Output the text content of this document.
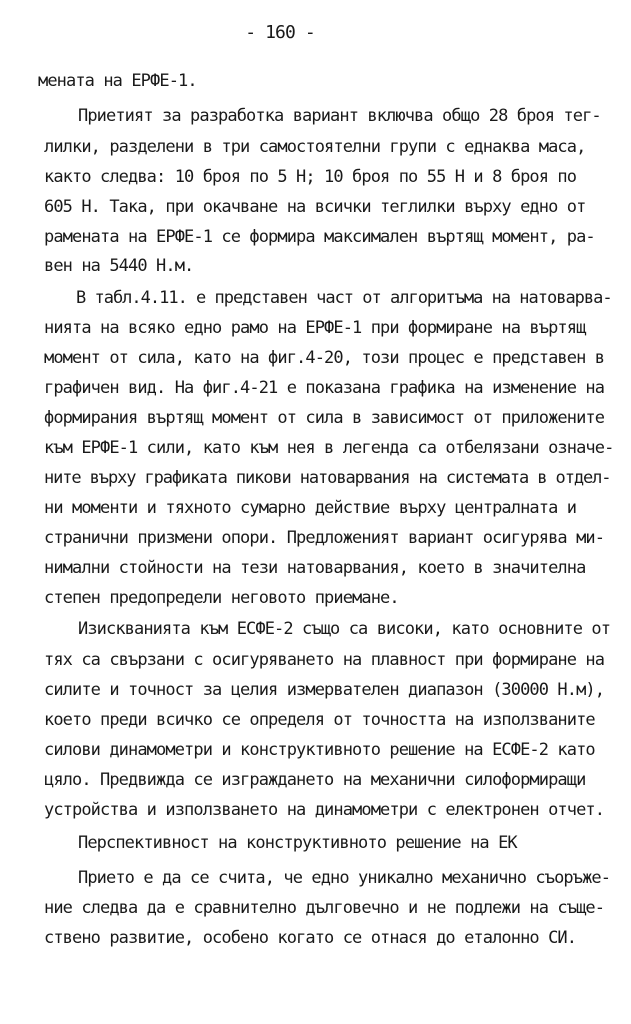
- 160 -
менатa на ЕРФЕ-1.
Приетият за разработка вариант включва общо 28 броя тег-
лилки, разделени в три самостоятелни групи с еднаква маса,
както следва: 10 броя по 5 Н; 10 броя по 55 Н и 8 броя по
605 Н. Така, при окачване на всички теглилки върху едно от
рамената на ЕРФЕ-1 се формира максимален въртящ момент, ра-
вен на 5440 Н.м.
В табл.4.11. е представен част от алгоритъма на натоварва-
нията на всяко едно рамо на ЕРФЕ-1 при формиране на въртящ
момент от сила, като на фиг.4-20, този процес е представен в
графичен вид. На фиг.4-21 е показана графика на изменение на
формирания въртящ момент от сила в зависимост от приложените
към ЕРФЕ-1 сили, като към нея в легенда са отбелязани означе-
ните върху графиката пикови натоварвания на системата в отдел-
ни моменти и тяхното сумарно действие върху централната и
странични призмени опори. Предложеният вариант осигурява ми-
нимални стойности на тези натоварвания, което в значителна
степен предопредели неговото приемане.
Изискванията към ЕСФЕ-2 също са високи, като основните от
тях са свързани с осигуряването на плавност при формиране на
силите и точност за целия измервателен диапазон (30000 Н.м),
което преди всичко се определя от точността на използваните
силови динамометри и конструктивното решение на ЕСФЕ-2 като
цяло. Предвижда се изграждането на механични силоформиращи
устройства и използването на динамометри с електронен отчет.
Перспективност на конструктивното решение на ЕК
Прието е да се счита, че едно уникално механично съоръже-
ние следва да е сравнително дълговечно и не подлежи на съще-
ствено развитие, особено когато се отнася до еталонно СИ.
